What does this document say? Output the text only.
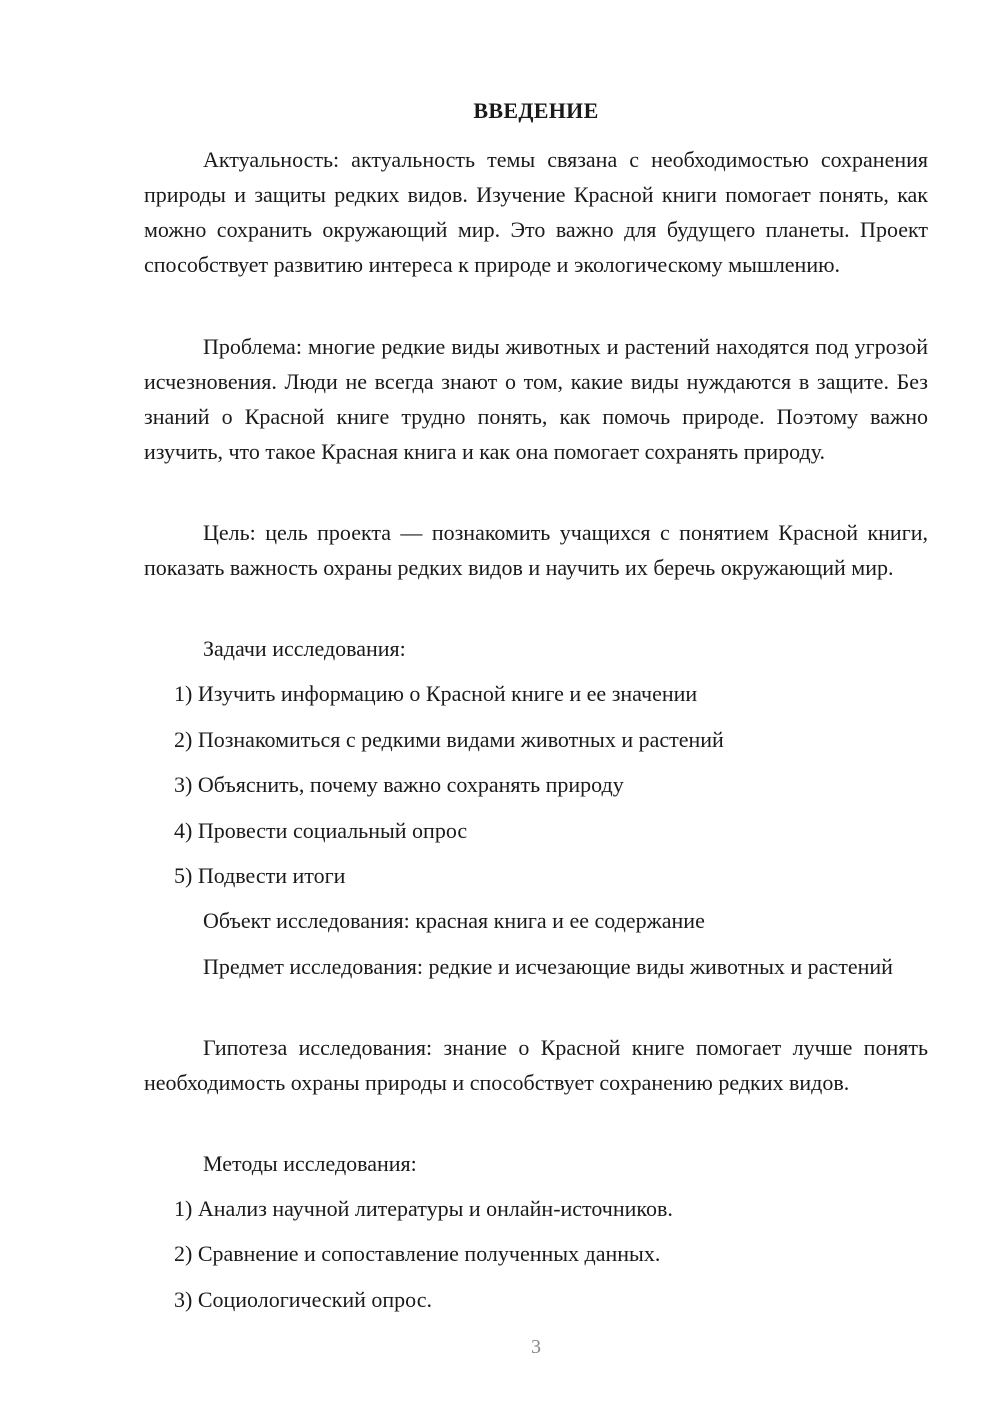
ВВЕДЕНИЕ

Актуальность: актуальность темы связана с необходимостью сохранения природы и защиты редких видов. Изучение Красной книги помогает понять, как можно сохранить окружающий мир. Это важно для будущего планеты. Проект способствует развитию интереса к природе и экологическому мышлению.

Проблема: многие редкие виды животных и растений находятся под угрозой исчезновения. Люди не всегда знают о том, какие виды нуждаются в защите. Без знаний о Красной книге трудно понять, как помочь природе. Поэтому важно изучить, что такое Красная книга и как она помогает сохранять природу.

Цель: цель проекта — познакомить учащихся с понятием Красной книги, показать важность охраны редких видов и научить их беречь окружающий мир.

Задачи исследования:

1) Изучить информацию о Красной книге и ее значении

2) Познакомиться с редкими видами животных и растений

3) Объяснить, почему важно сохранять природу

4) Провести социальный опрос

5) Подвести итоги

Объект исследования: красная книга и ее содержание

Предмет исследования: редкие и исчезающие виды животных и растений

Гипотеза исследования: знание о Красной книге помогает лучше понять необходимость охраны природы и способствует сохранению редких видов.

Методы исследования:

1) Анализ научной литературы и онлайн-источников.

2) Сравнение и сопоставление полученных данных.

3) Социологический опрос.

3
